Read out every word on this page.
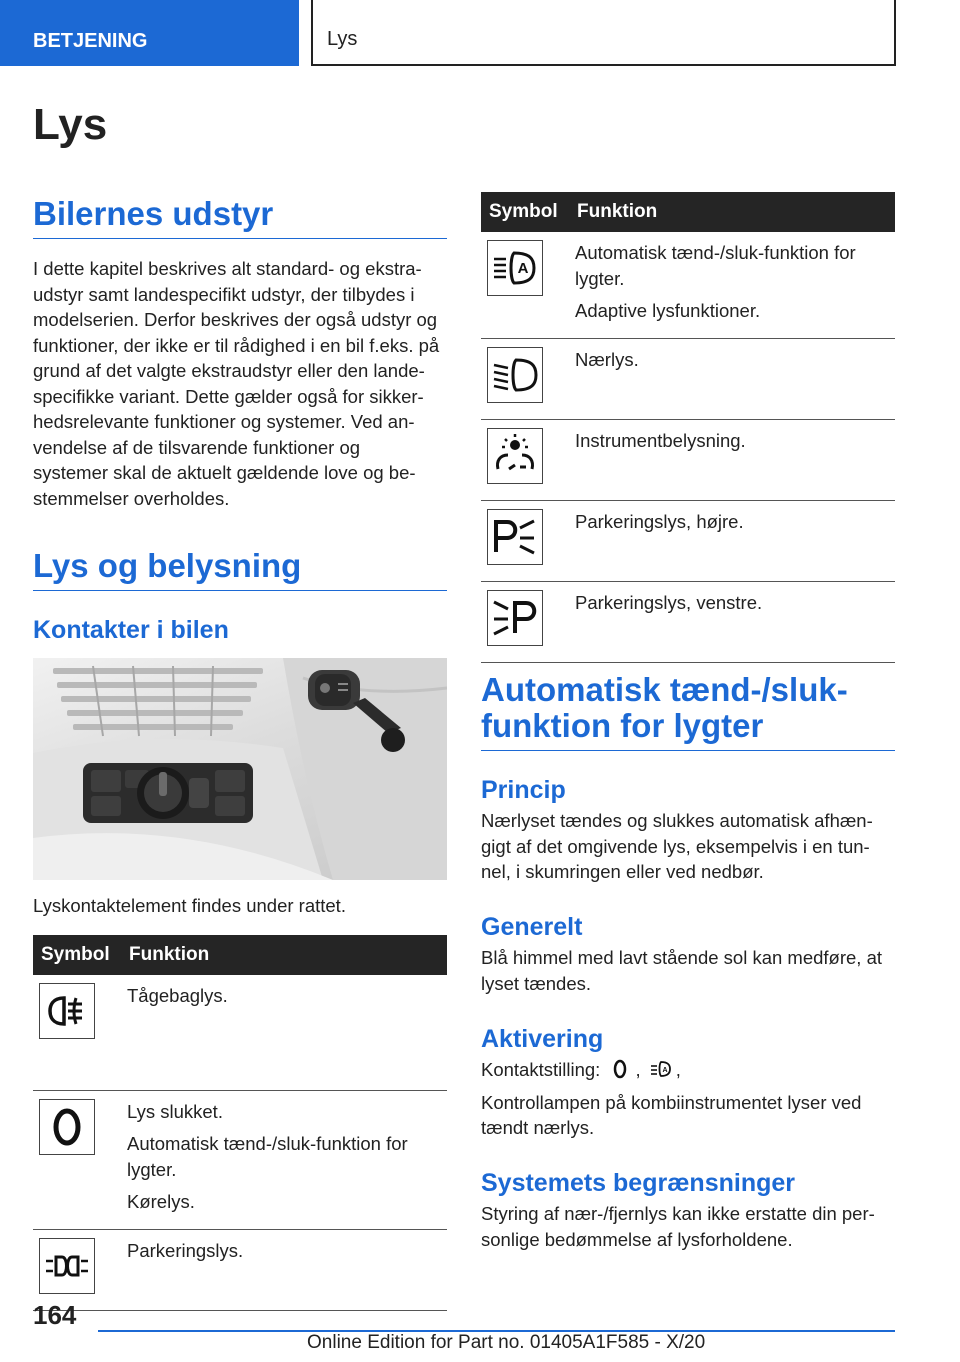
BETJENING	Lys
Lys
Bilernes udstyr

I dette kapitel beskrives alt standard- og ekstra-

udstyr samt landespecifikt udstyr, der tilbydes i

modelserien. Derfor beskrives der også udstyr og

funktioner, der ikke er til rådighed i en bil f.eks. på

grund af det valgte ekstraudstyr eller den lande-

specifikke variant. Dette gælder også for sikker-

hedsrelevante funktioner og systemer. Ved an-

vendelse af de tilsvarende funktioner og

systemer skal de aktuelt gældende love og be-

stemmelser overholdes.

Lys og belysning
Kontakter i bilen

Lyskontaktelement findes under rattet.

Symbol	Funktion

Tågebaglys.

Lys slukket.
Automatisk tænd-/sluk-funktion for lygter.
Kørelys.

Parkeringslys.
Symbol	Funktion

A	Automatisk tænd-/sluk-funktion for lygter.
Adaptive lysfunktioner.

Nærlys.

Instrumentbelysning.

Parkeringslys, højre.

Parkeringslys, venstre.
Automatisk tænd-/sluk-
funktion for lygter
Princip

Nærlyset tændes og slukkes automatisk afhæn-

gigt af det omgivende lys, eksempelvis i en tun-

nel, i skumringen eller ved nedbør.

Generelt

Blå himmel med lavt stående sol kan medføre, at

lyset tændes.

Aktivering

Kontaktstilling: ,	A ,

Kontrollampen på kombiinstrumentet lyser ved

tændt nærlys.

Systemets begrænsninger

Styring af nær-/fjernlys kan ikke erstatte din per-

sonlige bedømmelse af lysforholdene.

164
Online Edition for Part no. 01405A1F585 - X/20
